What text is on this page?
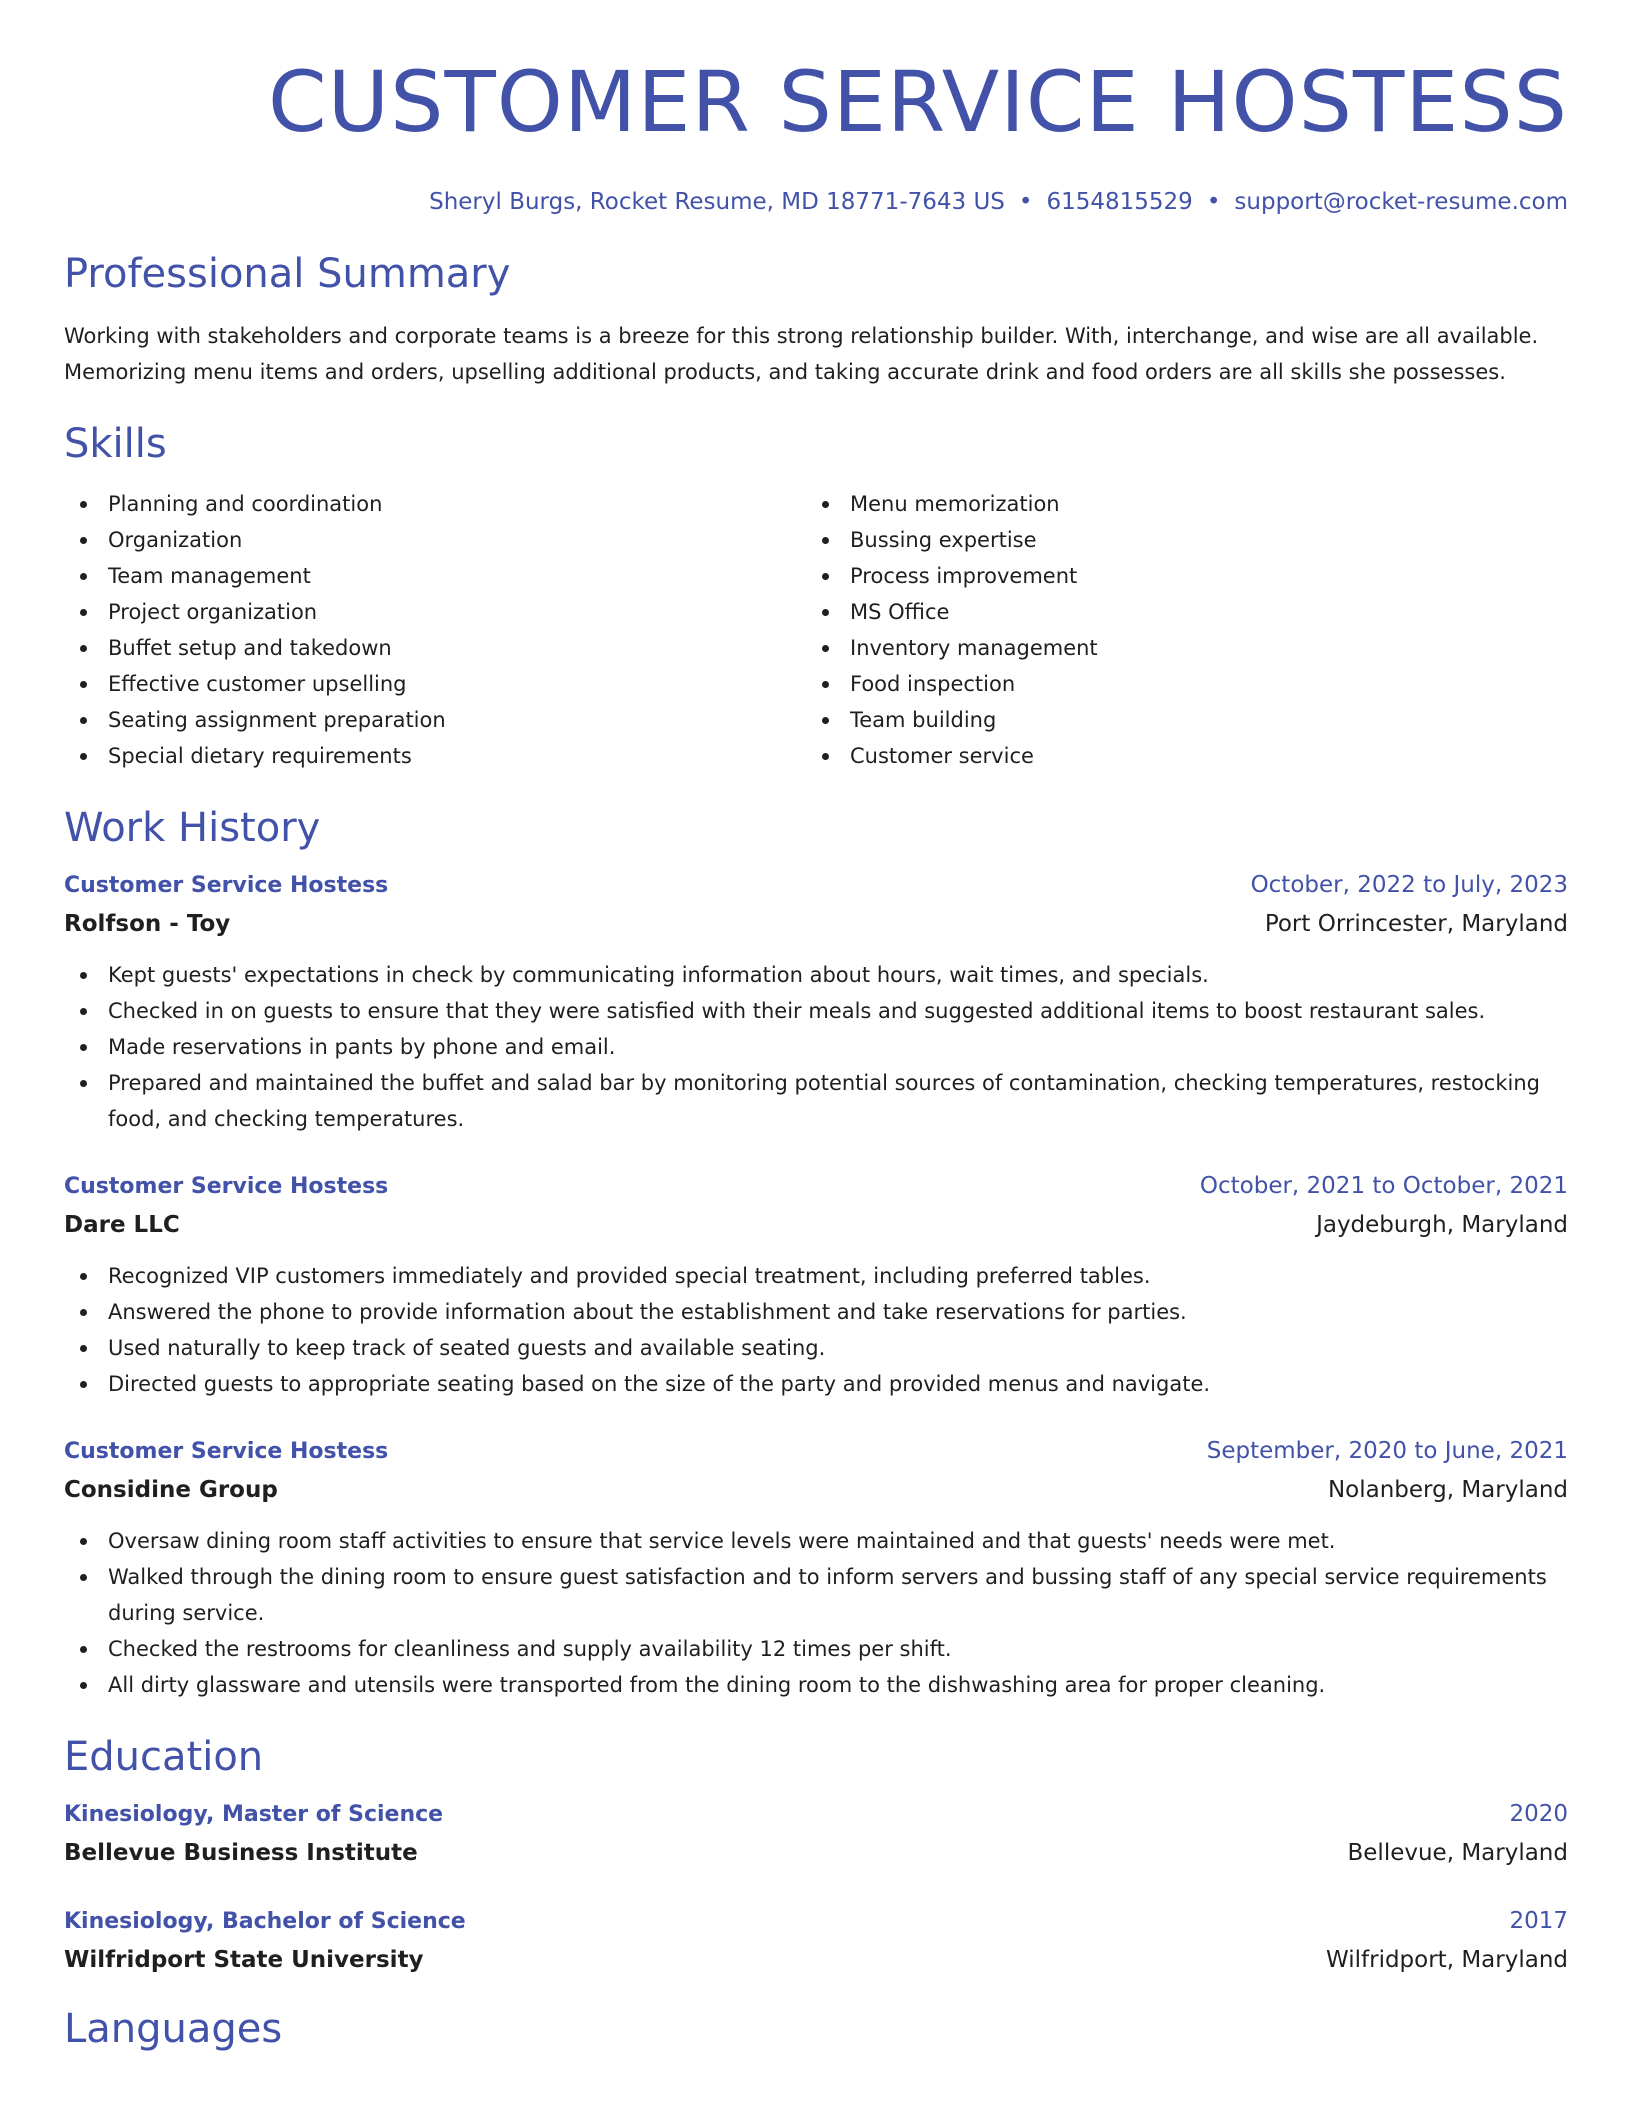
CUSTOMER SERVICE HOSTESS
Sheryl Burgs, Rocket Resume, MD 18771-7643 US • 6154815529 • support@rocket-resume.com
Professional Summary

Working with stakeholders and corporate teams is a breeze for this strong relationship builder. With, interchange, and wise are all available. Memorizing menu items and orders, upselling additional products, and taking accurate drink and food orders are all skills she possesses.

Skills
Planning and coordination
Organization
Team management
Project organization
Buffet setup and takedown
Effective customer upselling
Seating assignment preparation
Special dietary requirements
Menu memorization
Bussing expertise
Process improvement
MS Office
Inventory management
Food inspection
Team building
Customer service
Work History
Customer Service Hostess	October, 2022 to July, 2023
Rolfson - Toy	Port Orrincester, Maryland
Kept guests' expectations in check by communicating information about hours, wait times, and specials.
Checked in on guests to ensure that they were satisfied with their meals and suggested additional items to boost restaurant sales.
Made reservations in pants by phone and email.
Prepared and maintained the buffet and salad bar by monitoring potential sources of contamination, checking temperatures, restocking food, and checking temperatures.
Customer Service Hostess	October, 2021 to October, 2021
Dare LLC	Jaydeburgh, Maryland
Recognized VIP customers immediately and provided special treatment, including preferred tables.
Answered the phone to provide information about the establishment and take reservations for parties.
Used naturally to keep track of seated guests and available seating.
Directed guests to appropriate seating based on the size of the party and provided menus and navigate.
Customer Service Hostess	September, 2020 to June, 2021
Considine Group	Nolanberg, Maryland
Oversaw dining room staff activities to ensure that service levels were maintained and that guests' needs were met.
Walked through the dining room to ensure guest satisfaction and to inform servers and bussing staff of any special service requirements during service.
Checked the restrooms for cleanliness and supply availability 12 times per shift.
All dirty glassware and utensils were transported from the dining room to the dishwashing area for proper cleaning.
Education
Kinesiology, Master of Science	2020
Bellevue Business Institute	Bellevue, Maryland
Kinesiology, Bachelor of Science	2017
Wilfridport State University	Wilfridport, Maryland
Languages
